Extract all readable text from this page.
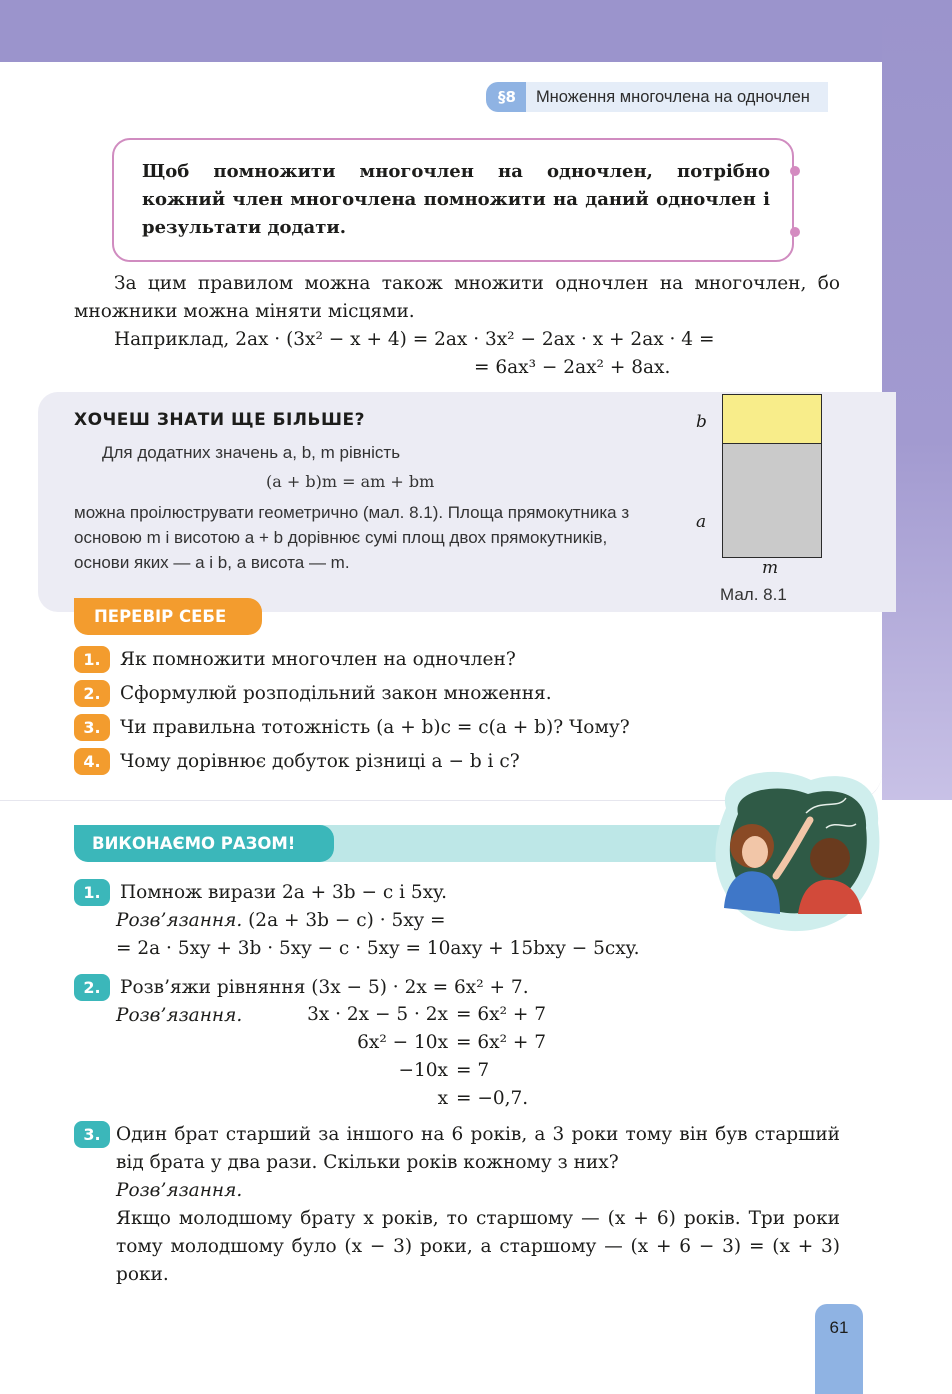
§8	Множення многочлена на одночлен

Щоб помножити многочлен на одночлен, потрібно кожний член многочлена помножити на даний одночлен і результати додати.

За цим правилом можна також множити одночлен на многочлен, бо множники можна міняти місцями.

Наприклад, 2ax · (3x² − x + 4) = 2ax · 3x² − 2ax · x + 2ax · 4 =
= 6ax³ − 2ax² + 8ax.
ХОЧЕШ ЗНАТИ ЩЕ БІЛЬШЕ?
Для додатних значень a, b, m рівність
(a + b)m = am + bm

можна проілюструвати геометрично (мал. 8.1). Площа прямокутника з основою m і висотою a + b дорівнює сумі площ двох прямокутників, основи яких — a і b, а висота — m.

b
a
m
Мал. 8.1
ПЕРЕВІР СЕБЕ
1.	Як помножити многочлен на одночлен?
2.	Сформулюй розподільний закон множення.
3.	Чи правильна тотожність (a + b)c = c(a + b)? Чому?
4.	Чому дорівнює добуток різниці a − b і c?
ВИКОНАЄМО РАЗОМ!
1.	Помнож вирази 2a + 3b − c і 5xy.
Розв’язання. (2a + 3b − c) · 5xy =
= 2a · 5xy + 3b · 5xy − c · 5xy = 10axy + 15bxy − 5cxy.
2.	Розв’яжи рівняння (3x − 5) · 2x = 6x² + 7.
Розв’язання.	3x · 2x − 5 · 2x = 6x² + 7
6x² − 10x = 6x² + 7
−10x = 7
x = −0,7.
3. Один брат старший за іншого на 6 років, а 3 роки тому він був старший від брата у два рази. Скільки років кожному з них?

Розв’язання.

Якщо молодшому брату x років, то старшому — (x + 6) років. Три роки тому молодшому було (x − 3) роки, а старшому — (x + 6 − 3) = (x + 3) роки.

61
